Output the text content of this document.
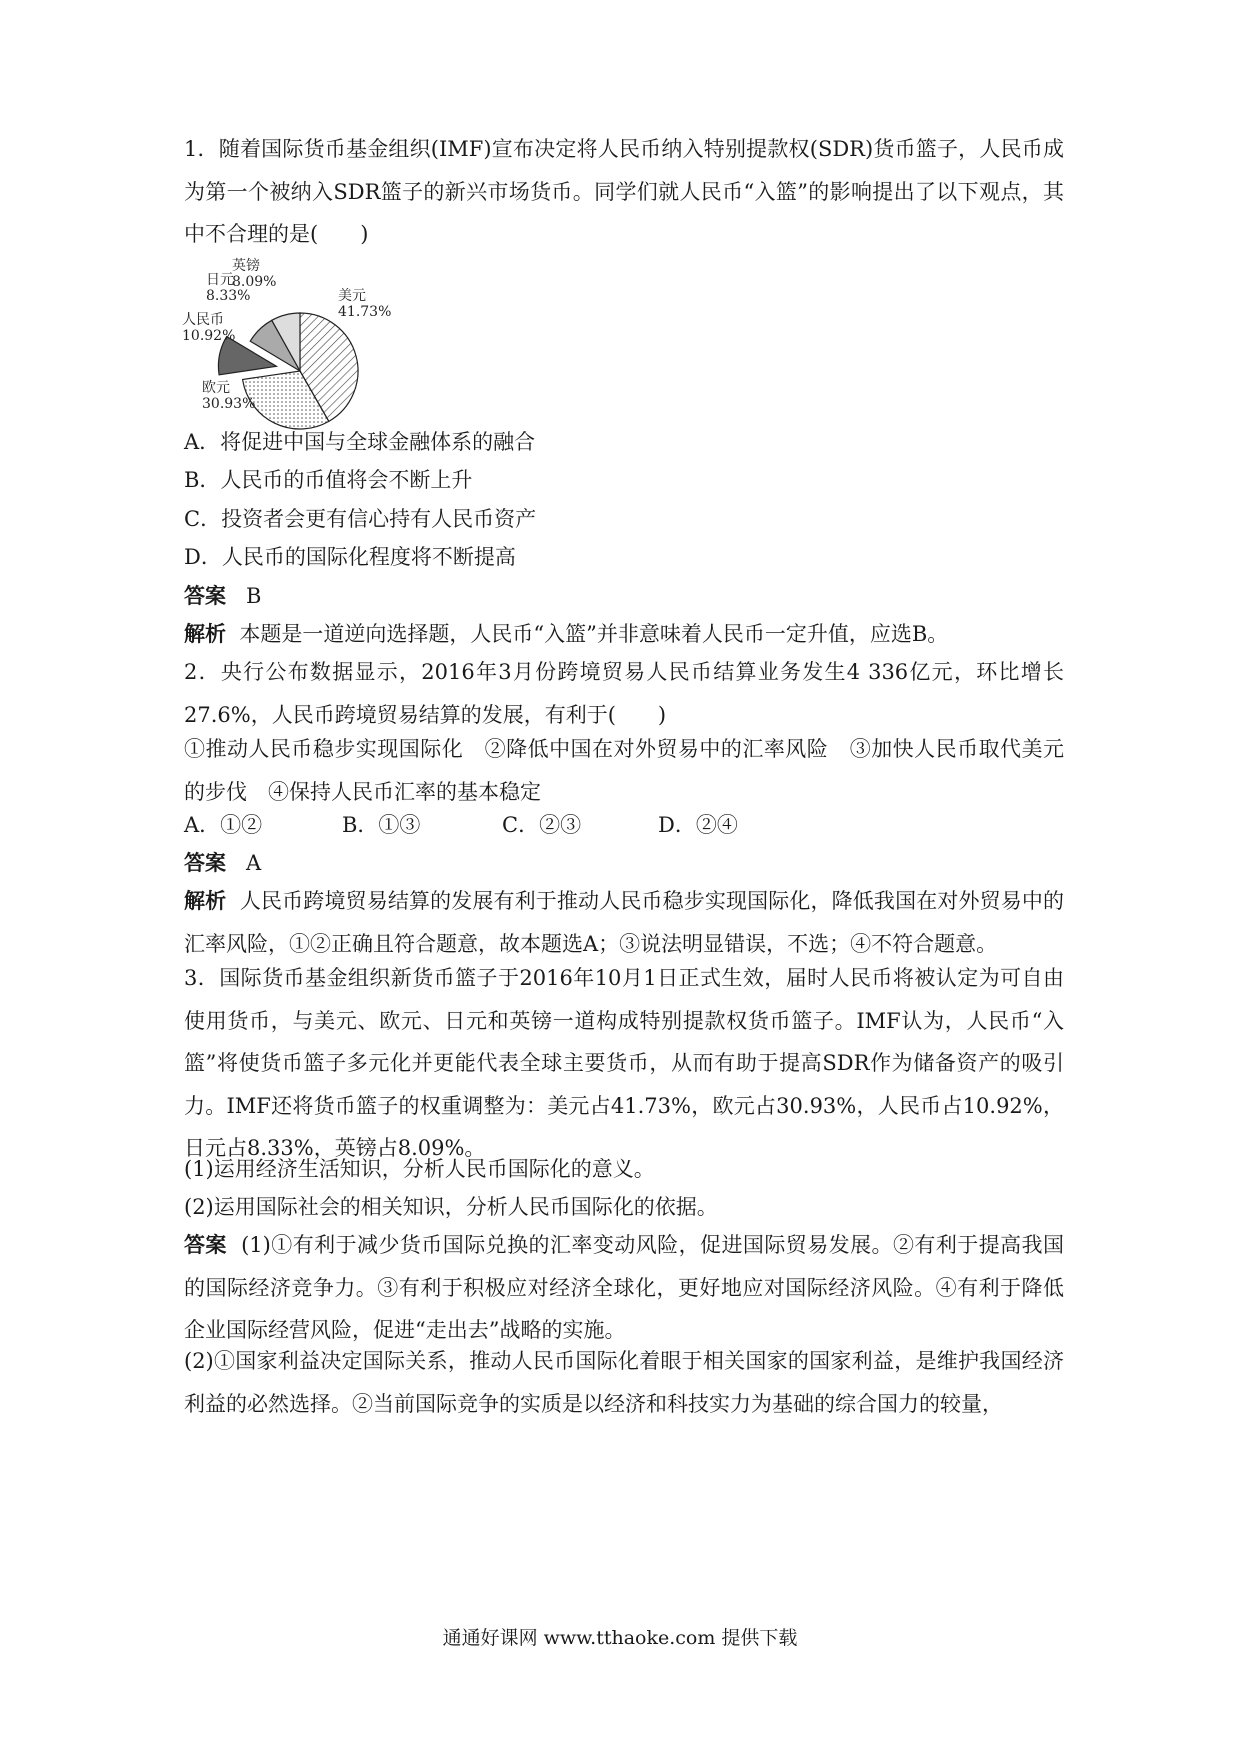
1．随着国际货币基金组织(IMF)宣布决定将人民币纳入特别提款权(SDR)货币篮子，人民币成为第一个被纳入SDR篮子的新兴市场货币。同学们就人民币“入篮”的影响提出了以下观点，其中不合理的是(　　)

美元
41.73%
欧元
30.93%
人民币
10.92%
日元
8.33%
英镑
8.09%
A．将促进中国与全球金融体系的融合
B．人民币的币值将会不断上升
C．投资者会更有信心持有人民币资产
D．人民币的国际化程度将不断提高
答案 B

解析 本题是一道逆向选择题，人民币“入篮”并非意味着人民币一定升值，应选B。

2．央行公布数据显示，2016年3月份跨境贸易人民币结算业务发生4 336亿元，环比增长27.6%，人民币跨境贸易结算的发展，有利于(　　)

①推动人民币稳步实现国际化　②降低中国在对外贸易中的汇率风险　③加快人民币取代美元的步伐　④保持人民币汇率的基本稳定

A．①②	B．①③	C．②③	D．②④
答案 A

解析 人民币跨境贸易结算的发展有利于推动人民币稳步实现国际化，降低我国在对外贸易中的汇率风险，①②正确且符合题意，故本题选A；③说法明显错误，不选；④不符合题意。

3．国际货币基金组织新货币篮子于2016年10月1日正式生效，届时人民币将被认定为可自由使用货币，与美元、欧元、日元和英镑一道构成特别提款权货币篮子。IMF认为，人民币“入篮”将使货币篮子多元化并更能代表全球主要货币，从而有助于提高SDR作为储备资产的吸引力。IMF还将货币篮子的权重调整为：美元占41.73%，欧元占30.93%，人民币占10.92%，日元占8.33%，英镑占8.09%。

(1)运用经济生活知识，分析人民币国际化的意义。

(2)运用国际社会的相关知识，分析人民币国际化的依据。

答案 (1)①有利于减少货币国际兑换的汇率变动风险，促进国际贸易发展。②有利于提高我国的国际经济竞争力。③有利于积极应对经济全球化，更好地应对国际经济风险。④有利于降低企业国际经营风险，促进“走出去”战略的实施。

(2)①国家利益决定国际关系，推动人民币国际化着眼于相关国家的国家利益，是维护我国经济利益的必然选择。②当前国际竞争的实质是以经济和科技实力为基础的综合国力的较量，

通通好课网 www.tthaoke.com 提供下载
